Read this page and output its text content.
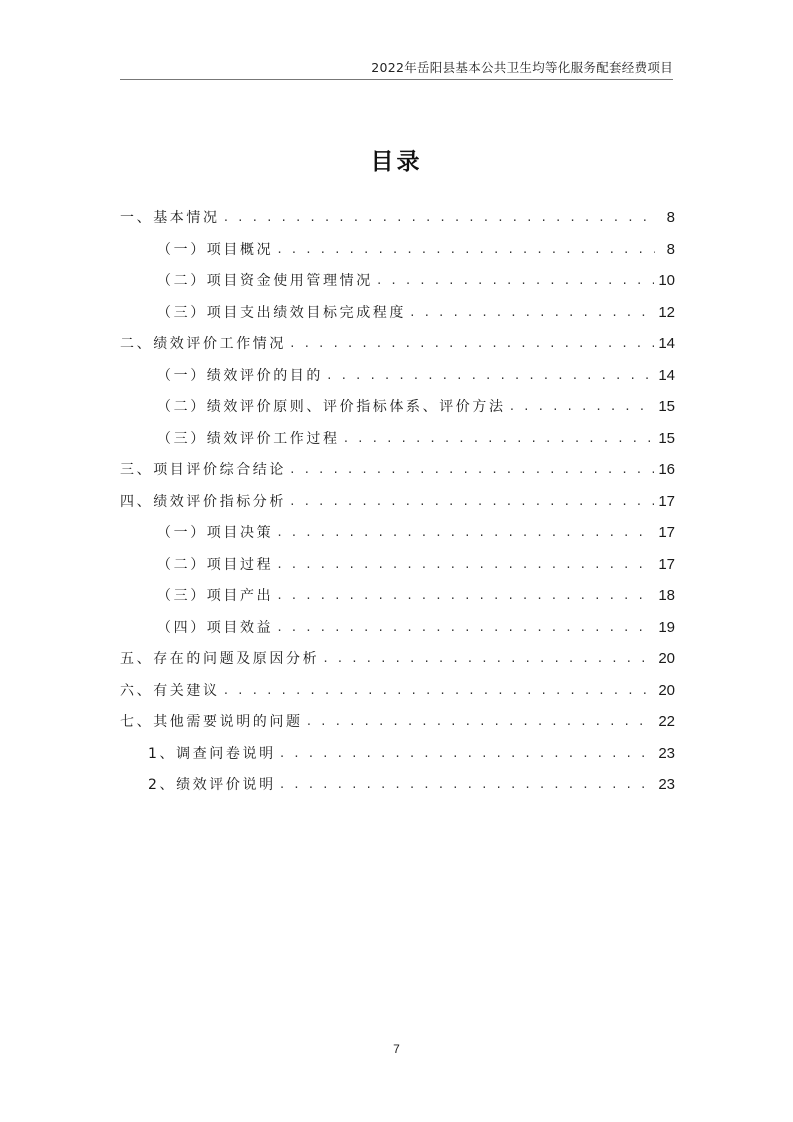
2022年岳阳县基本公共卫生均等化服务配套经费项目
目录
一、基本情况 . . .	8
（一）项目概况 . . .	8
（二）项目资金使用管理情况 . . .	10
（三）项目支出绩效目标完成程度 . . .	12
二、绩效评价工作情况 . . .	14
（一）绩效评价的目的 . . .	14
（二）绩效评价原则、评价指标体系、评价方法 . . .	15
（三）绩效评价工作过程 . . .	15
三、项目评价综合结论 . . .	16
四、绩效评价指标分析 . . .	17
（一）项目决策 . . .	17
（二）项目过程 . . .	17
（三）项目产出 . . .	18
（四）项目效益 . . .	19
五、存在的问题及原因分析 . . .	20
六、有关建议 . . .	20
七、其他需要说明的问题 . . .	22
1、调查问卷说明 . . .	23
2、绩效评价说明 . . .	23
7
